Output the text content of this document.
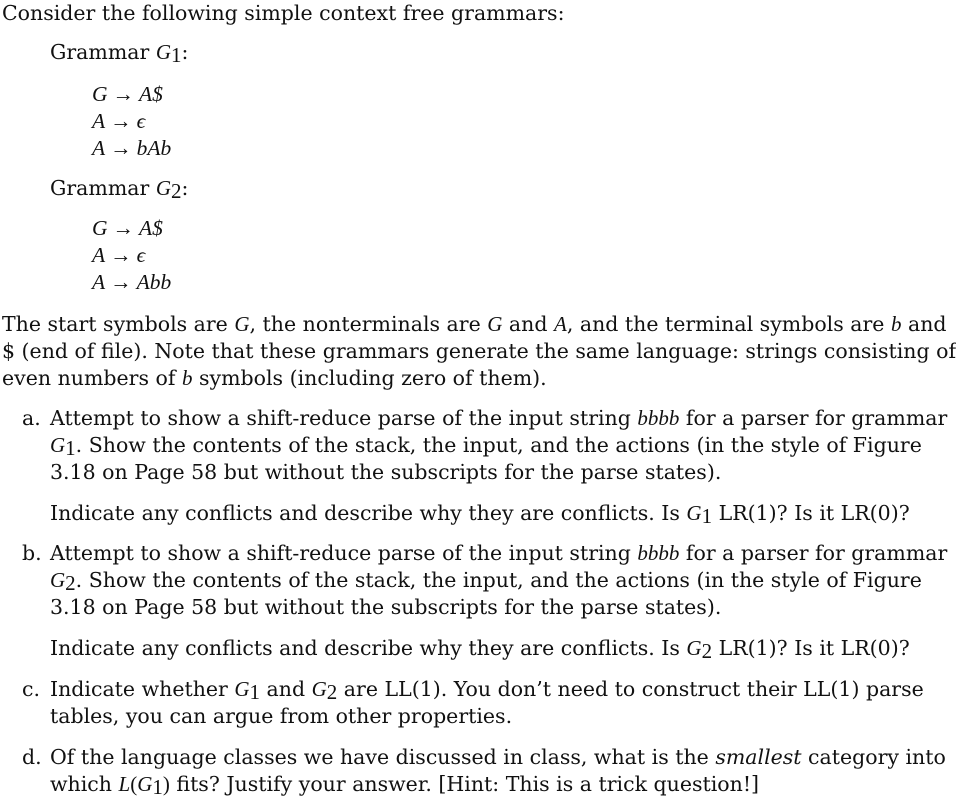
Consider the following simple context free grammars:
Grammar $G_1$:
G → A$
A → ϵ
A → bAb
Grammar $G_2$:
G → A$
A → ϵ
A → Abb
The start symbols are G, the nonterminals are G and A, and the terminal symbols are b and
$ (end of file). Note that these grammars generate the same language: strings consisting of
even numbers of b symbols (including zero of them).
a. Attempt to show a shift-reduce parse of the input string bbbb for a parser for grammar
$G_1$. Show the contents of the stack, the input, and the actions (in the style of Figure
3.18 on Page 58 but without the subscripts for the parse states).
Indicate any conflicts and describe why they are conflicts. Is $G_1$ LR(1)? Is it LR(0)?
b. Attempt to show a shift-reduce parse of the input string bbbb for a parser for grammar
$G_2$. Show the contents of the stack, the input, and the actions (in the style of Figure
3.18 on Page 58 but without the subscripts for the parse states).
Indicate any conflicts and describe why they are conflicts. Is $G_2$ LR(1)? Is it LR(0)?
c. Indicate whether $G_1$ and $G_2$ are LL(1). You don’t need to construct their LL(1) parse
tables, you can argue from other properties.
d. Of the language classes we have discussed in class, what is the smallest category into
which $L(G_1)$ fits? Justify your answer. [Hint: This is a trick question!]
